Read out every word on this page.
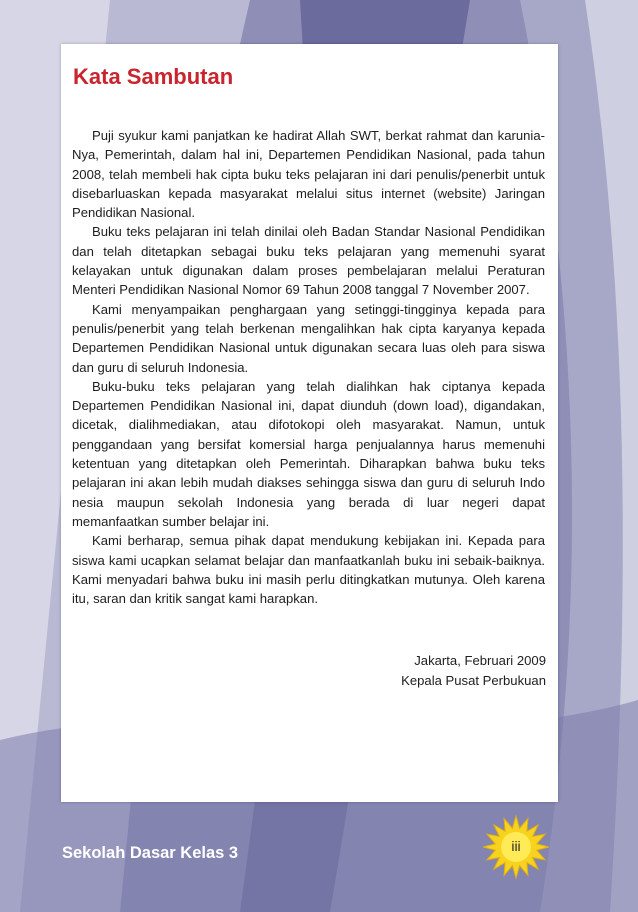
Kata Sambutan

Puji syukur kami panjatkan ke hadirat Allah SWT, berkat rahmat dan karunia-Nya, Pemerintah, dalam hal ini, Departemen Pendidikan Nasional, pada tahun 2008, telah membeli hak cipta buku teks pelajaran ini dari penulis/penerbit untuk disebarluaskan kepada masyarakat melalui situs internet (website) Jaringan Pendidikan Nasional.

Buku teks pelajaran ini telah dinilai oleh Badan Standar Nasional Pendidikan dan telah ditetapkan sebagai buku teks pelajaran yang memenuhi syarat kelayakan untuk digunakan dalam proses pembelajaran melalui Peraturan Menteri Pendidikan Nasional Nomor 69 Tahun 2008 tanggal 7 November 2007.

Kami menyampaikan penghargaan yang setinggi-tingginya kepada para penulis/penerbit yang telah berkenan mengalihkan hak cipta karyanya kepada Departemen Pendidikan Nasional untuk digunakan secara luas oleh para siswa dan guru di seluruh Indonesia.

Buku-buku teks pelajaran yang telah dialihkan hak ciptanya kepada Departemen Pendidikan Nasional ini, dapat diunduh (down load), digandakan, dicetak, dialihmediakan, atau difotokopi oleh masyarakat. Namun, untuk penggandaan yang bersifat komersial harga penjualannya harus memenuhi ketentuan yang ditetapkan oleh Pemerintah. Diharapkan bahwa buku teks pelajaran ini akan lebih mudah diakses sehingga siswa dan guru di seluruh Indo nesia maupun sekolah Indonesia yang berada di luar negeri dapat memanfaatkan sumber belajar ini.

Kami berharap, semua pihak dapat mendukung kebijakan ini. Kepada para siswa kami ucapkan selamat belajar dan manfaatkanlah buku ini sebaik-baiknya. Kami menyadari bahwa buku ini masih perlu ditingkatkan mutunya. Oleh karena itu, saran dan kritik sangat kami harapkan.

Jakarta, Februari 2009
Kepala Pusat Perbukuan
Sekolah Dasar Kelas 3	iii
